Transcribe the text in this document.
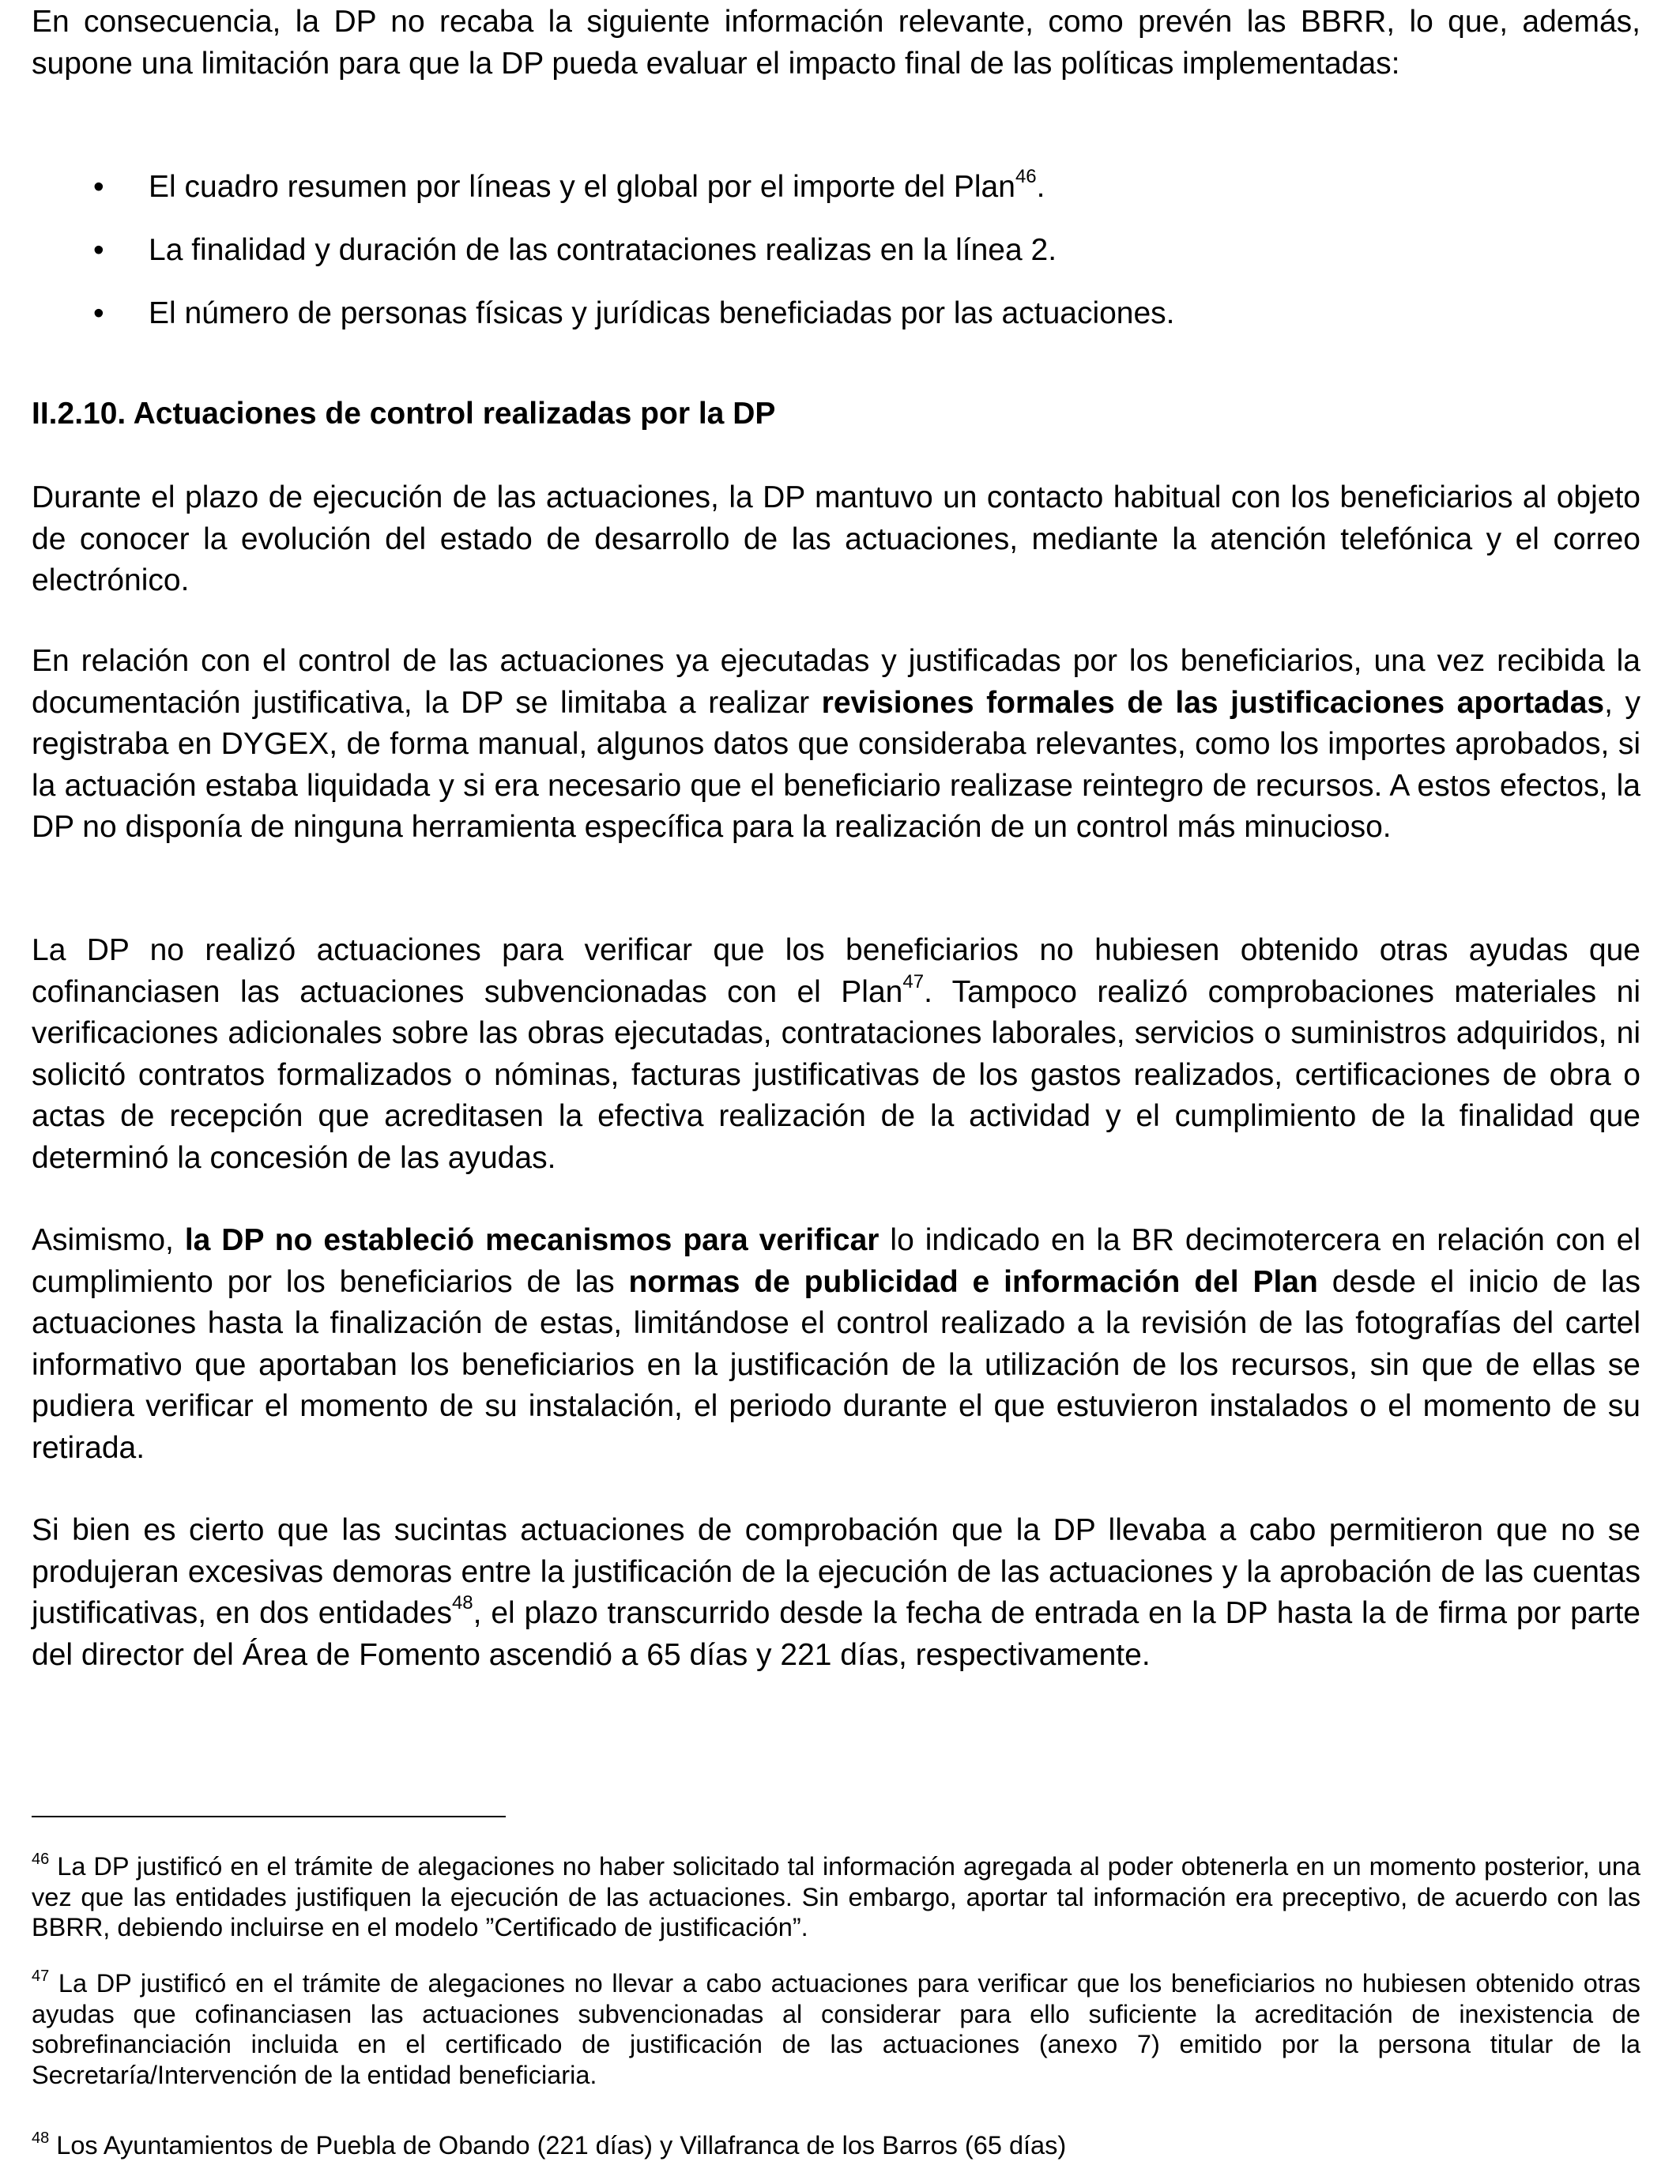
En consecuencia, la DP no recaba la siguiente información relevante, como prevén las BBRR, lo que, además, supone una limitación para que la DP pueda evaluar el impacto final de las políticas implementadas:

• El cuadro resumen por líneas y el global por el importe del Plan$^{46}$.
• La finalidad y duración de las contrataciones realizas en la línea 2.
• El número de personas físicas y jurídicas beneficiadas por las actuaciones.
II.2.10. Actuaciones de control realizadas por la DP

Durante el plazo de ejecución de las actuaciones, la DP mantuvo un contacto habitual con los beneficiarios al objeto de conocer la evolución del estado de desarrollo de las actuaciones, mediante la atención telefónica y el correo electrónico.

En relación con el control de las actuaciones ya ejecutadas y justificadas por los beneficiarios, una vez recibida la documentación justificativa, la DP se limitaba a realizar revisiones formales de las justificaciones aportadas, y registraba en DYGEX, de forma manual, algunos datos que consideraba relevantes, como los importes aprobados, si la actuación estaba liquidada y si era necesario que el beneficiario realizase reintegro de recursos. A estos efectos, la DP no disponía de ninguna herramienta específica para la realización de un control más minucioso.

La DP no realizó actuaciones para verificar que los beneficiarios no hubiesen obtenido otras ayudas que cofinanciasen las actuaciones subvencionadas con el Plan$^{47}$. Tampoco realizó comprobaciones materiales ni verificaciones adicionales sobre las obras ejecutadas, contrataciones laborales, servicios o suministros adquiridos, ni solicitó contratos formalizados o nóminas, facturas justificativas de los gastos realizados, certificaciones de obra o actas de recepción que acreditasen la efectiva realización de la actividad y el cumplimiento de la finalidad que determinó la concesión de las ayudas.

Asimismo, la DP no estableció mecanismos para verificar lo indicado en la BR decimotercera en relación con el cumplimiento por los beneficiarios de las normas de publicidad e información del Plan desde el inicio de las actuaciones hasta la finalización de estas, limitándose el control realizado a la revisión de las fotografías del cartel informativo que aportaban los beneficiarios en la justificación de la utilización de los recursos, sin que de ellas se pudiera verificar el momento de su instalación, el periodo durante el que estuvieron instalados o el momento de su retirada.

Si bien es cierto que las sucintas actuaciones de comprobación que la DP llevaba a cabo permitieron que no se produjeran excesivas demoras entre la justificación de la ejecución de las actuaciones y la aprobación de las cuentas justificativas, en dos entidades$^{48}$, el plazo transcurrido desde la fecha de entrada en la DP hasta la de firma por parte del director del Área de Fomento ascendió a 65 días y 221 días, respectivamente.

$^{46}$ La DP justificó en el trámite de alegaciones no haber solicitado tal información agregada al poder obtenerla en un momento posterior, una vez que las entidades justifiquen la ejecución de las actuaciones. Sin embargo, aportar tal información era preceptivo, de acuerdo con las BBRR, debiendo incluirse en el modelo ”Certificado de justificación”.

$^{47}$ La DP justificó en el trámite de alegaciones no llevar a cabo actuaciones para verificar que los beneficiarios no hubiesen obtenido otras ayudas que cofinanciasen las actuaciones subvencionadas al considerar para ello suficiente la acreditación de inexistencia de sobrefinanciación incluida en el certificado de justificación de las actuaciones (anexo 7) emitido por la persona titular de la Secretaría/Intervención de la entidad beneficiaria.

$^{48}$ Los Ayuntamientos de Puebla de Obando (221 días) y Villafranca de los Barros (65 días)
